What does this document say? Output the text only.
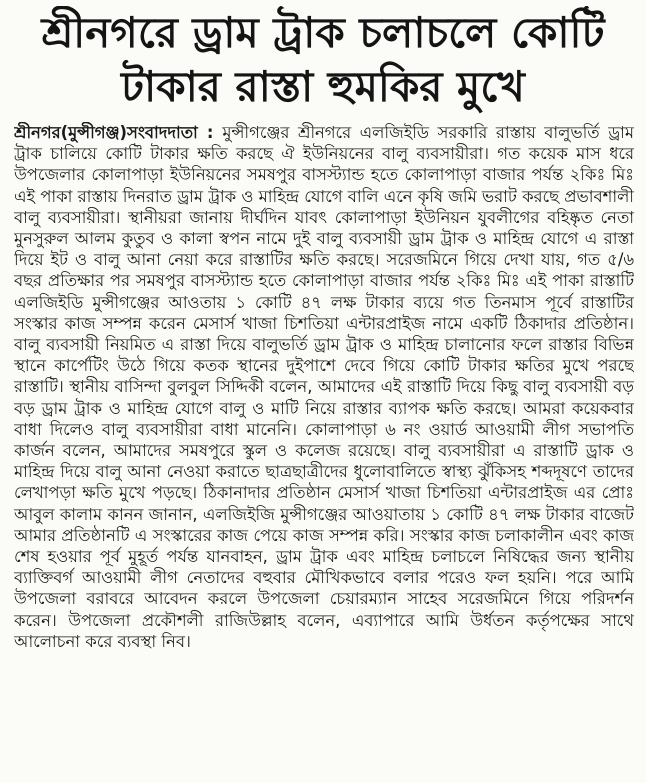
শ্রীনগরে ড্রাম ট্রাক চলাচলে কোটি
টাকার রাস্তা হুমকির মুখে
শ্রীনগর(মুন্সীগঞ্জ)সংবাদদাতা : মুন্সীগঞ্জের শ্রীনগরে এলজিইডি সরকারি রাস্তায় বালুভর্তি ড্রাম ট্রাক চালিয়ে কোটি টাকার ক্ষতি করছে ঐ ইউনিয়নের বালু ব্যবসায়ীরা। গত কয়েক মাস ধরে উপজেলার কোলাপাড়া ইউনিয়নের সমষপুর বাসস্ট্যান্ড হতে কোলাপাড়া বাজার পর্যন্ত ২কিঃ মিঃ এই পাকা রাস্তায় দিনরাত ড্রাম ট্রাক ও মাহিন্দ্র যোগে বালি এনে কৃষি জমি ভরাট করছে প্রভাবশালী বালু ব্যবসায়ীরা। স্থানীয়রা জানায় দীর্ঘদিন যাবৎ কোলাপাড়া ইউনিয়ন যুবলীগের বহিষ্কৃত নেতা মুনসুরুল আলম কুতুব ও কালা স্বপন নামে দুই বালু ব্যবসায়ী ড্রাম ট্রাক ও মাহিন্দ্র যোগে এ রাস্তা দিয়ে ইট ও বালু আনা নেয়া করে রাস্তাটির ক্ষতি করছে। সরেজমিনে গিয়ে দেখা যায়, গত ৫/৬ বছর প্রতিক্ষার পর সমষপুর বাসস্ট্যান্ড হতে কোলাপাড়া বাজার পর্যন্ত ২কিঃ মিঃ এই পাকা রাস্তাটি এলজিইডি মুন্সীগঞ্জের আওতায় ১ কোটি ৪৭ লক্ষ টাকার ব্যয়ে গত তিনমাস পূর্বে রাস্তাটির সংস্কার কাজ সম্পন্ন করেন মেসার্স খাজা চিশতিয়া এন্টারপ্রাইজ নামে একটি ঠিকাদার প্রতিষ্ঠান। বালু ব্যবসায়ী নিয়মিত এ রাস্তা দিয়ে বালুভর্তি ড্রাম ট্রাক ও মাহিন্দ্র চালানোর ফলে রাস্তার বিভিন্ন স্থানে কার্পেটিং উঠে গিয়ে কতক স্থানের দুইপাশে দেবে গিয়ে কোটি টাকার ক্ষতির মুখে পরছে রাস্তাটি। স্থানীয় বাসিন্দা বুলবুল সিদ্দিকী বলেন, আমাদের এই রাস্তাটি দিয়ে কিছু বালু ব্যবসায়ী বড় বড় ড্রাম ট্রাক ও মাহিন্দ্র যোগে বালু ও মাটি নিয়ে রাস্তার ব্যাপক ক্ষতি করছে। আমরা কয়েকবার বাধা দিলেও বালু ব্যবসায়ীরা বাধা মানেনি। কোলাপাড়া ৬ নং ওয়ার্ড আওয়ামী লীগ সভাপতি কার্জন বলেন, আমাদের সমষপুরে স্কুল ও কলেজ রয়েছে। বালু ব্যবসায়ীরা এ রাস্তাটি ড্রাক ও মাহিন্দ্র দিয়ে বালু আনা নেওয়া করাতে ছাত্রছাত্রীদের ধুলোবালিতে স্বাস্থ্য ঝুঁকিসহ শব্দদূষণে তাদের লেখাপড়া ক্ষতি মুখে পড়ছে। ঠিকানাদার প্রতিষ্ঠান মেসার্স খাজা চিশতিয়া এন্টারপ্রাইজ এর প্রোঃ আবুল কালাম কানন জানান, এলজিইজি মুন্সীগঞ্জের আওয়াতায় ১ কোটি ৪৭ লক্ষ টাকার বাজেট আমার প্রতিষ্ঠানটি এ সংস্কারের কাজ পেয়ে কাজ সম্পন্ন করি। সংস্কার কাজ চলাকালীন এবং কাজ শেষ হওয়ার পূর্ব মুহূর্ত পর্যন্ত যানবাহন, ড্রাম ট্রাক এবং মাহিন্দ্র চলাচলে নিষিদ্ধের জন্য স্থানীয় ব্যাক্তিবর্গ আওয়ামী লীগ নেতাদের বহুবার মৌখিকভাবে বলার পরেও ফল হয়নি। পরে আমি উপজেলা বরাবরে আবেদন করলে উপজেলা চেয়ারম্যান সাহেব সরেজমিনে গিয়ে পরিদর্শন করেন। উপজেলা প্রকৌশলী রাজিউল্লাহ বলেন, এব্যাপারে আমি উর্ধতন কর্তৃপক্ষের সাথে আলোচনা করে ব্যবস্থা নিব।
